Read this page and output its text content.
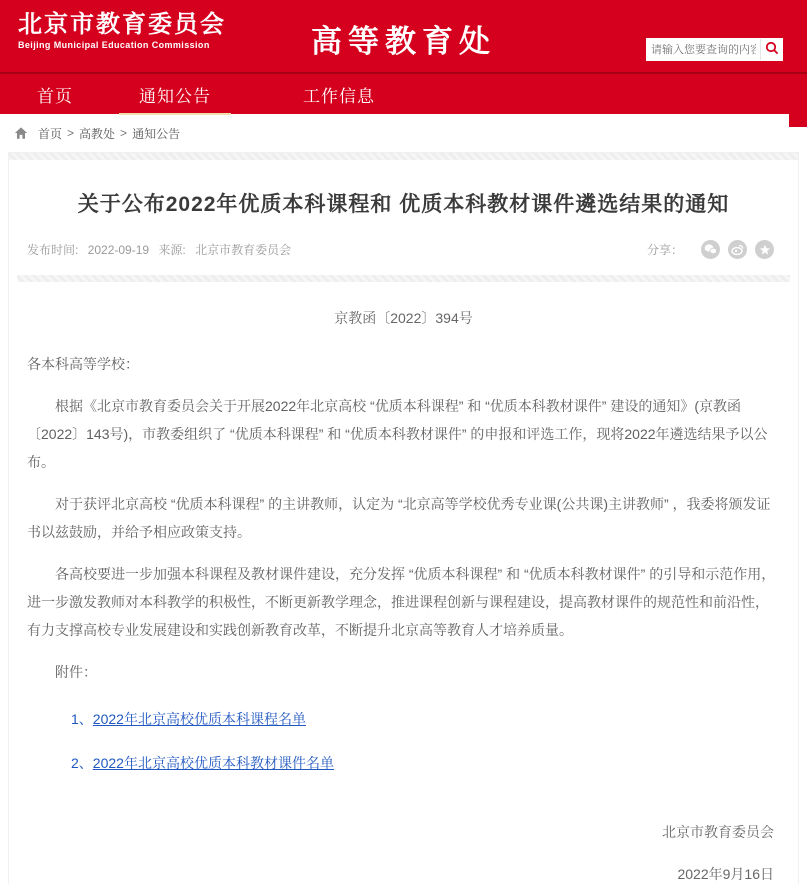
北京市教育委员会
Beijing Municipal Education Commission	高等教育处
请输入您要查询的内容
首页	通知公告	工作信息
首页 > 高教处 > 通知公告
关于公布2022年优质本科课程和 优质本科教材课件遴选结果的通知
发布时间: 2022-09-19 来源: 北京市教育委员会	分享：
京教函〔2022〕394号

各本科高等学校：

根据《北京市教育委员会关于开展2022年北京高校 “优质本科课程” 和 “优质本科教材课件” 建设的通知》(京教函〔2022〕143号)，市教委组织了 “优质本科课程” 和 “优质本科教材课件” 的申报和评选工作，现将2022年遴选结果予以公布。

对于获评北京高校 “优质本科课程” 的主讲教师，认定为 “北京高等学校优秀专业课(公共课)主讲教师” ，我委将颁发证书以兹鼓励，并给予相应政策支持。

各高校要进一步加强本科课程及教材课件建设，充分发挥 “优质本科课程” 和 “优质本科教材课件” 的引导和示范作用，进一步激发教师对本科教学的积极性，不断更新教学理念，推进课程创新与课程建设，提高教材课件的规范性和前沿性，有力支撑高校专业发展建设和实践创新教育改革，不断提升北京高等教育人才培养质量。

附件：

1、2022年北京高校优质本科课程名单
2、2022年北京高校优质本科教材课件名单
北京市教育委员会
2022年9月16日
